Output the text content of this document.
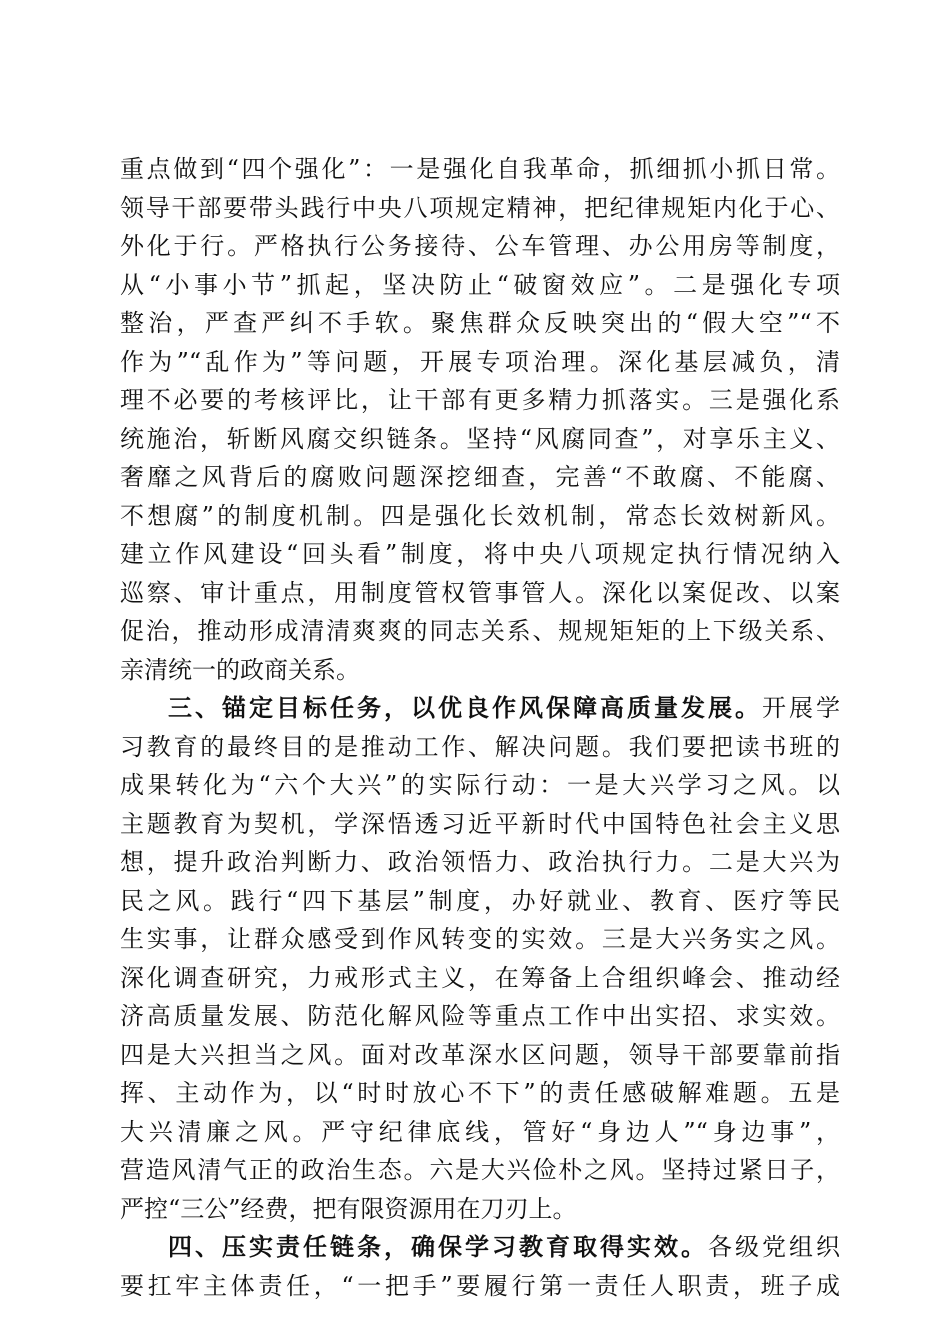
重点做到“四个强化”：一是强化自我革命，抓细抓小抓日常。
领导干部要带头践行中央八项规定精神，把纪律规矩内化于心、
外化于行。严格执行公务接待、公车管理、办公用房等制度，
从“小事小节”抓起，坚决防止“破窗效应”。二是强化专项
整治，严查严纠不手软。聚焦群众反映突出的“假大空”“不
作为”“乱作为”等问题，开展专项治理。深化基层减负，清
理不必要的考核评比，让干部有更多精力抓落实。三是强化系
统施治，斩断风腐交织链条。坚持“风腐同查”，对享乐主义、
奢靡之风背后的腐败问题深挖细查，完善“不敢腐、不能腐、
不想腐”的制度机制。四是强化长效机制，常态长效树新风。
建立作风建设“回头看”制度，将中央八项规定执行情况纳入
巡察、审计重点，用制度管权管事管人。深化以案促改、以案
促治，推动形成清清爽爽的同志关系、规规矩矩的上下级关系、
亲清统一的政商关系。
三、锚定目标任务，以优良作风保障高质量发展。开展学
习教育的最终目的是推动工作、解决问题。我们要把读书班的
成果转化为“六个大兴”的实际行动：一是大兴学习之风。以
主题教育为契机，学深悟透习近平新时代中国特色社会主义思
想，提升政治判断力、政治领悟力、政治执行力。二是大兴为
民之风。践行“四下基层”制度，办好就业、教育、医疗等民
生实事，让群众感受到作风转变的实效。三是大兴务实之风。
深化调查研究，力戒形式主义，在筹备上合组织峰会、推动经
济高质量发展、防范化解风险等重点工作中出实招、求实效。
四是大兴担当之风。面对改革深水区问题，领导干部要靠前指
挥、主动作为，以“时时放心不下”的责任感破解难题。五是
大兴清廉之风。严守纪律底线，管好“身边人”“身边事”，
营造风清气正的政治生态。六是大兴俭朴之风。坚持过紧日子，
严控“三公”经费，把有限资源用在刀刃上。
四、压实责任链条，确保学习教育取得实效。各级党组织
要扛牢主体责任，“一把手”要履行第一责任人职责，班子成
